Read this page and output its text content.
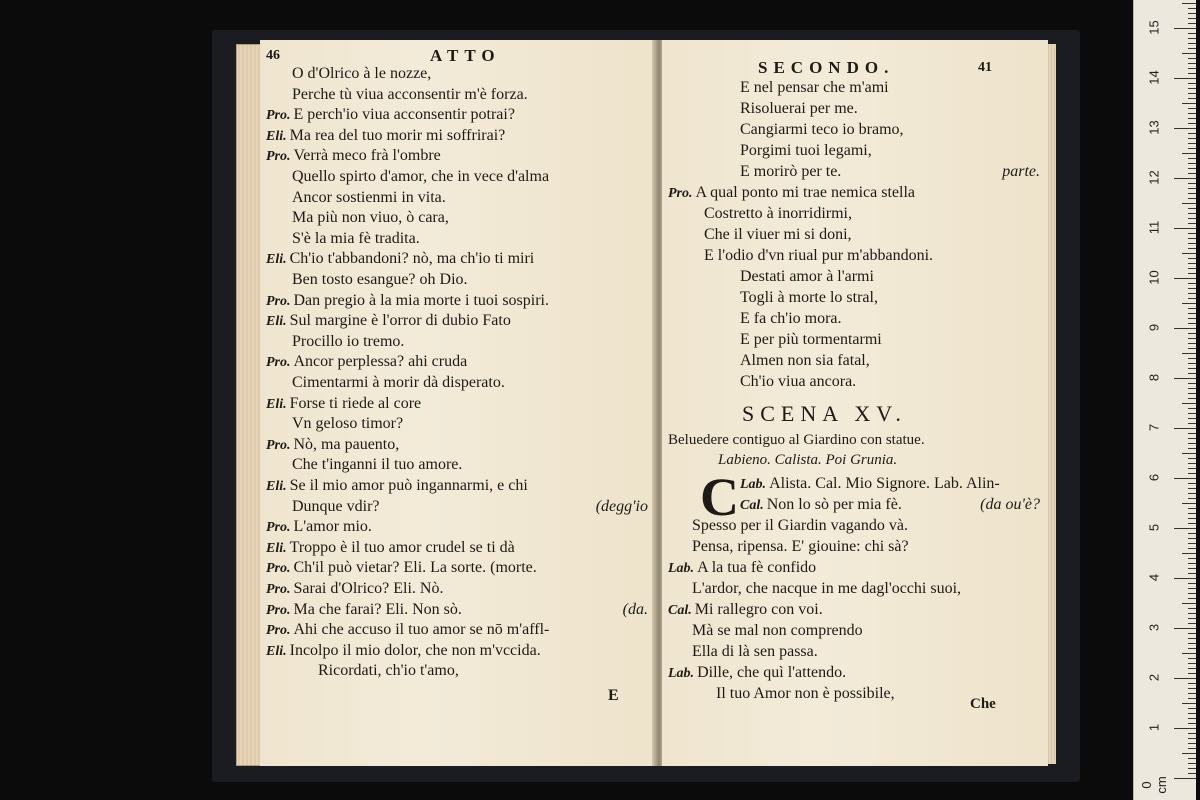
46	ATTO
E
O d'Olrico à le nozze,
Perche tù viua acconsentir m'è forza.
Pro. E perch'io viua acconsentir potrai?
Eli. Ma rea del tuo morir mi soffrirai?
Pro. Verrà meco frà l'ombre
Quello spirto d'amor, che in vece d'alma
Ancor sostienmi in vita.
Ma più non viuo, ò cara,
S'è la mia fè tradita.
Eli. Ch'io t'abbandoni? nò, ma ch'io ti miri
Ben tosto esangue? oh Dio.
Pro. Dan pregio à la mia morte i tuoi sospiri.
Eli. Sul margine è l'orror di dubio Fato
Procillo io tremo.
Pro. Ancor perplessa? ahi cruda
Cimentarmi à morir dà disperato.
Eli. Forse ti riede al core
Vn geloso timor?
Pro. Nò, ma pauento,
Che t'inganni il tuo amore.
Eli. Se il mio amor può ingannarmi, e chi
Dunque vdir?	(degg'io
Pro. L'amor mio.
Eli. Troppo è il tuo amor crudel se ti dà
Pro. Ch'il può vietar? Eli. La sorte. (morte.
Pro. Sarai d'Olrico? Eli. Nò.
Pro. Ma che farai? Eli. Non sò.	(da.
Pro. Ahi che accuso il tuo amor se nō m'affl-
Eli. Incolpo il mio dolor, che non m'vccida.
Ricordati, ch'io t'amo,
SECONDO.	41
SCENA XV.
Beluedere contiguo al Giardino con statue.
Labieno. Calista. Poi Grunia.
C
Che
E nel pensar che m'ami
Risoluerai per me.
Cangiarmi teco io bramo,
Porgimi tuoi legami,
E morirò per te.	parte.
Pro. A qual ponto mi trae nemica stella
Costretto à inorridirmi,
Che il viuer mi si doni,
E l'odio d'vn riual pur m'abbandoni.
Destati amor à l'armi
Togli à morte lo stral,
E fa ch'io mora.
E per più tormentarmi
Almen non sia fatal,
Ch'io viua ancora.
Lab. Alista. Cal. Mio Signore. Lab. Alin-
Cal. Non lo sò per mia fè.	(da ou'è?
Spesso per il Giardin vagando và.
Pensa, ripensa. E' giouine: chi sà?
Lab. A la tua fè confido
L'ardor, che nacque in me dagl'occhi suoi,
Cal. Mi rallegro con voi.
Mà se mal non comprendo
Ella di là sen passa.
Lab. Dille, che quì l'attendo.
Il tuo Amor non è possibile,
0 cm
1
2
3
4
5
6
7
8
9
10
11
12
13
14
15
